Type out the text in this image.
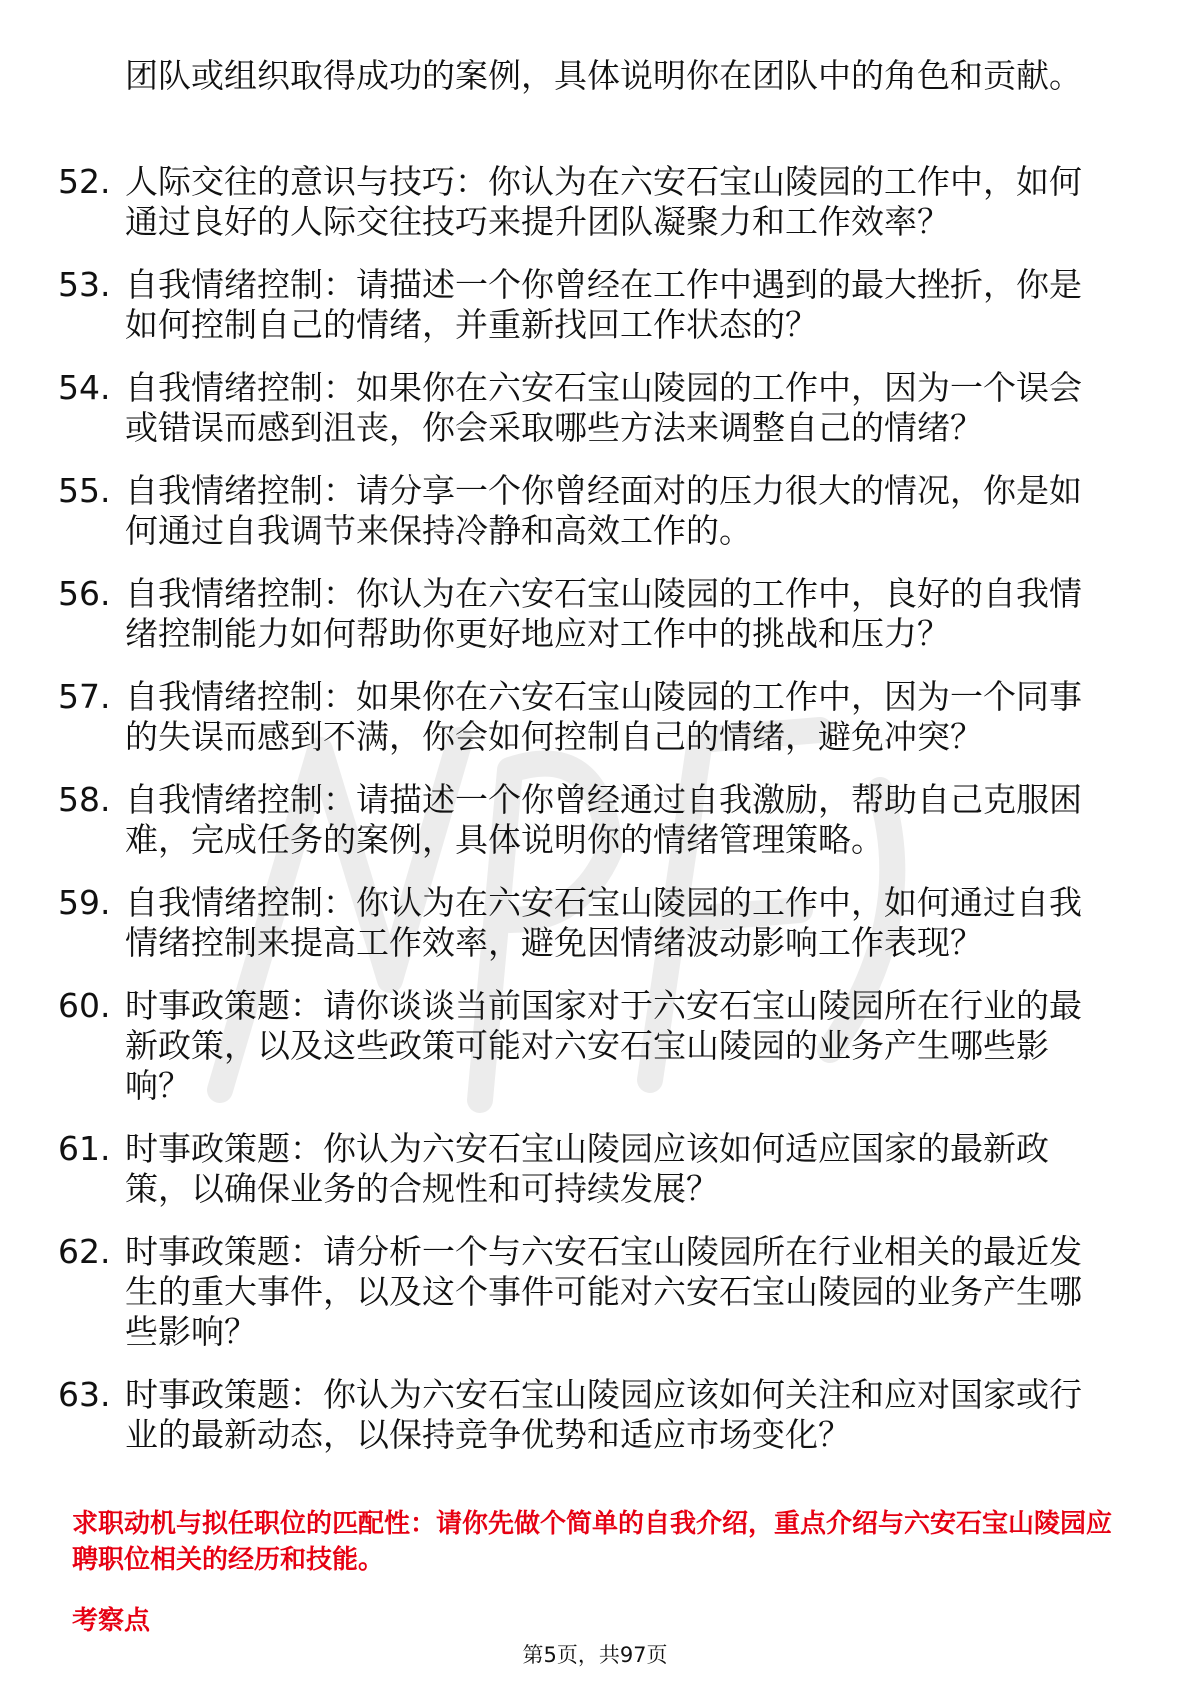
团队或组织取得成功的案例，具体说明你在团队中的角色和贡献。

52. 人际交往的意识与技巧：你认为在六安石宝山陵园的工作中，如何通过良好的人际交往技巧来提升团队凝聚力和工作效率？
53. 自我情绪控制：请描述一个你曾经在工作中遇到的最大挫折，你是如何控制自己的情绪，并重新找回工作状态的？
54. 自我情绪控制：如果你在六安石宝山陵园的工作中，因为一个误会或错误而感到沮丧，你会采取哪些方法来调整自己的情绪？
55. 自我情绪控制：请分享一个你曾经面对的压力很大的情况，你是如何通过自我调节来保持冷静和高效工作的。
56. 自我情绪控制：你认为在六安石宝山陵园的工作中，良好的自我情绪控制能力如何帮助你更好地应对工作中的挑战和压力？
57. 自我情绪控制：如果你在六安石宝山陵园的工作中，因为一个同事的失误而感到不满，你会如何控制自己的情绪，避免冲突？
58. 自我情绪控制：请描述一个你曾经通过自我激励，帮助自己克服困难，完成任务的案例，具体说明你的情绪管理策略。
59. 自我情绪控制：你认为在六安石宝山陵园的工作中，如何通过自我情绪控制来提高工作效率，避免因情绪波动影响工作表现？
60. 时事政策题：请你谈谈当前国家对于六安石宝山陵园所在行业的最新政策，以及这些政策可能对六安石宝山陵园的业务产生哪些影响？
61. 时事政策题：你认为六安石宝山陵园应该如何适应国家的最新政策，以确保业务的合规性和可持续发展？
62. 时事政策题：请分析一个与六安石宝山陵园所在行业相关的最近发生的重大事件，以及这个事件可能对六安石宝山陵园的业务产生哪些影响？
63. 时事政策题：你认为六安石宝山陵园应该如何关注和应对国家或行业的最新动态，以保持竞争优势和适应市场变化？

求职动机与拟任职位的匹配性：请你先做个简单的自我介绍，重点介绍与六安石宝山陵园应聘职位相关的经历和技能。

考察点

第5页，共97页
